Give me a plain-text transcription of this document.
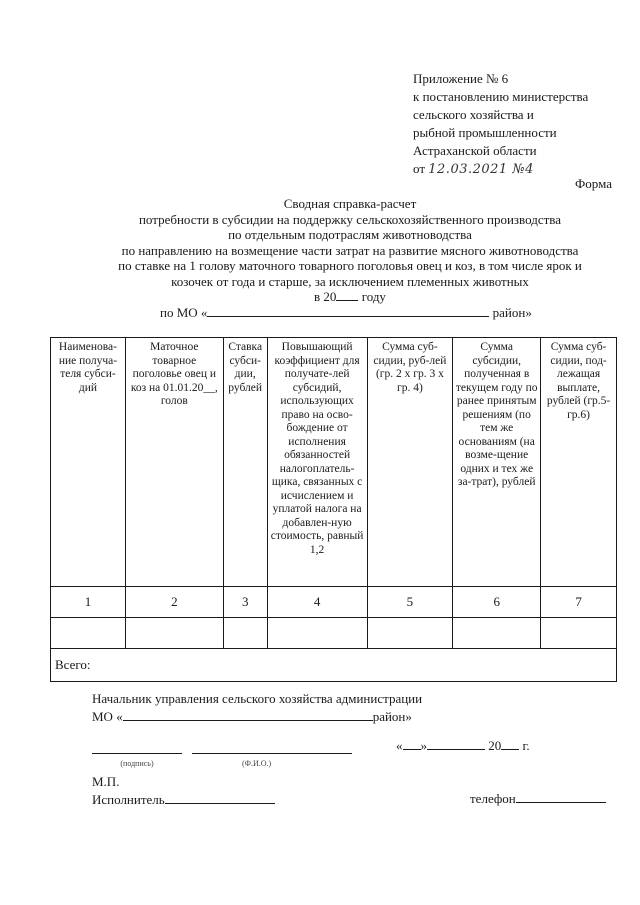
Приложение № 6
к постановлению министерства
сельского хозяйства и
рыбной промышленности
Астраханской области
от 12.03.2021 №4
Форма
Сводная справка-расчет
потребности в субсидии на поддержку сельскохозяйственного производства
по отдельным подотраслям животноводства
по направлению на возмещение части затрат на развитие мясного животноводства
по ставке на 1 голову маточного товарного поголовья овец и коз, в том числе ярок и
козочек от года и старше, за исключением племенных животных
в 20 году
по МО «	район»
Наименова-ние получа-теля субси-дий	Маточное товарное поголовье овец и коз на 01.01.20__, голов	Ставка субси-дии, рублей	Повышающий коэффициент для получате-лей субсидий, использующих право на осво-бождение от исполнения обязанностей налогоплатель-щика, связанных с исчислением и уплатой налога на добавлен-ную стоимость, равный 1,2	Сумма суб-сидии, руб-лей (гр. 2 х гр. 3 х гр. 4)	Сумма субсидии, полученная в текущем году по ранее принятым решениям (по тем же основаниям (на возме-щение одних и тех же за-трат), рублей	Сумма суб-сидии, под-лежащая выплате, рублей (гр.5-гр.6)
1	2	3	4	5	6	7

Всего:						
Начальник управления сельского хозяйства администрации
МО «	район»
(подпись)	(Ф.И.О.)
« »	20 г.
М.П.
Исполнитель	телефон
